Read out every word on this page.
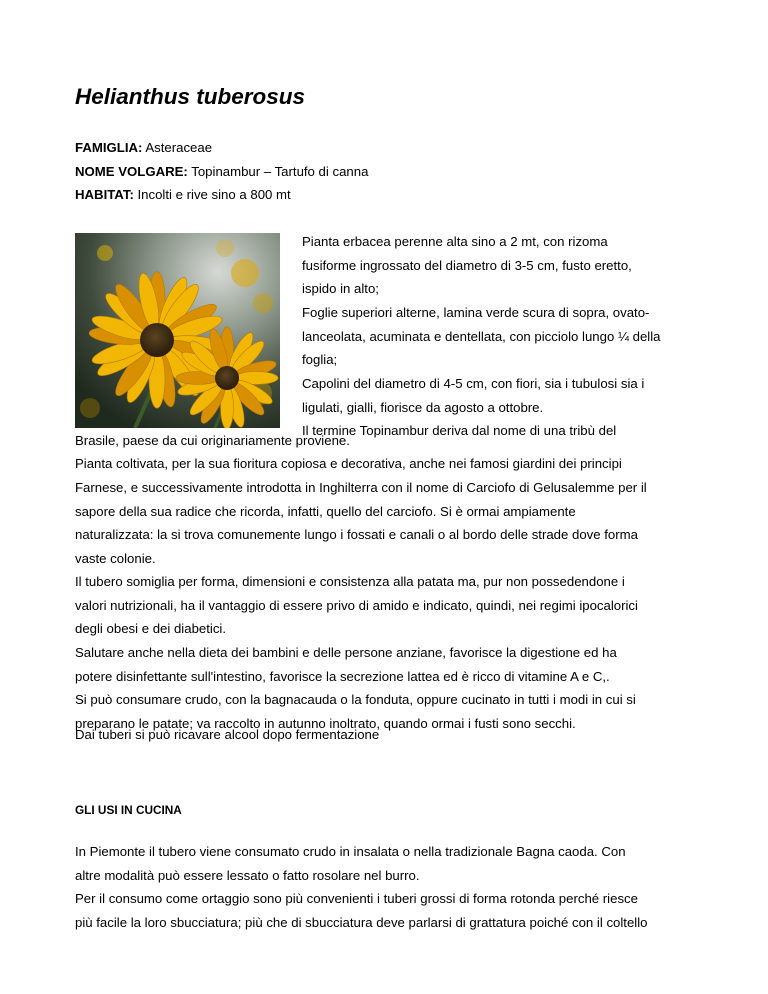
Helianthus tuberosus
FAMIGLIA: Asteraceae
NOME VOLGARE: Topinambur – Tartufo di canna
HABITAT: Incolti e rive sino a 800 mt
Pianta erbacea perenne alta sino a 2 mt, con rizoma
fusiforme ingrossato del diametro di 3-5 cm, fusto eretto,
ispido in alto;
Foglie superiori alterne, lamina verde scura di sopra, ovato-
lanceolata, acuminata e dentellata, con picciolo lungo ¼ della
foglia;
Capolini del diametro di 4-5 cm, con fiori, sia i tubulosi sia i
ligulati, gialli, fiorisce da agosto a ottobre.
Il termine Topinambur deriva dal nome di una tribù del
Brasile, paese da cui originariamente proviene.
Pianta coltivata, per la sua fioritura copiosa e decorativa, anche nei famosi giardini dei principi
Farnese, e successivamente introdotta in Inghilterra con il nome di Carciofo di Gelusalemme per il
sapore della sua radice che ricorda, infatti, quello del carciofo. Si è ormai ampiamente
naturalizzata: la si trova comunemente lungo i fossati e canali o al bordo delle strade dove forma
vaste colonie.
Il tubero somiglia per forma, dimensioni e consistenza alla patata ma, pur non possedendone i
valori nutrizionali, ha il vantaggio di essere privo di amido e indicato, quindi, nei regimi ipocalorici
degli obesi e dei diabetici.
Salutare anche nella dieta dei bambini e delle persone anziane, favorisce la digestione ed ha
potere disinfettante sull'intestino, favorisce la secrezione lattea ed è ricco di vitamine A e C,.
Si può consumare crudo, con la bagnacauda o la fonduta, oppure cucinato in tutti i modi in cui si
preparano le patate; va raccolto in autunno inoltrato, quando ormai i fusti sono secchi.
Dai tuberi si può ricavare alcool dopo fermentazione
GLI USI IN CUCINA
In Piemonte il tubero viene consumato crudo in insalata o nella tradizionale Bagna caoda. Con
altre modalità può essere lessato o fatto rosolare nel burro.
Per il consumo come ortaggio sono più convenienti i tuberi grossi di forma rotonda perché riesce
più facile la loro sbucciatura; più che di sbucciatura deve parlarsi di grattatura poiché con il coltello
